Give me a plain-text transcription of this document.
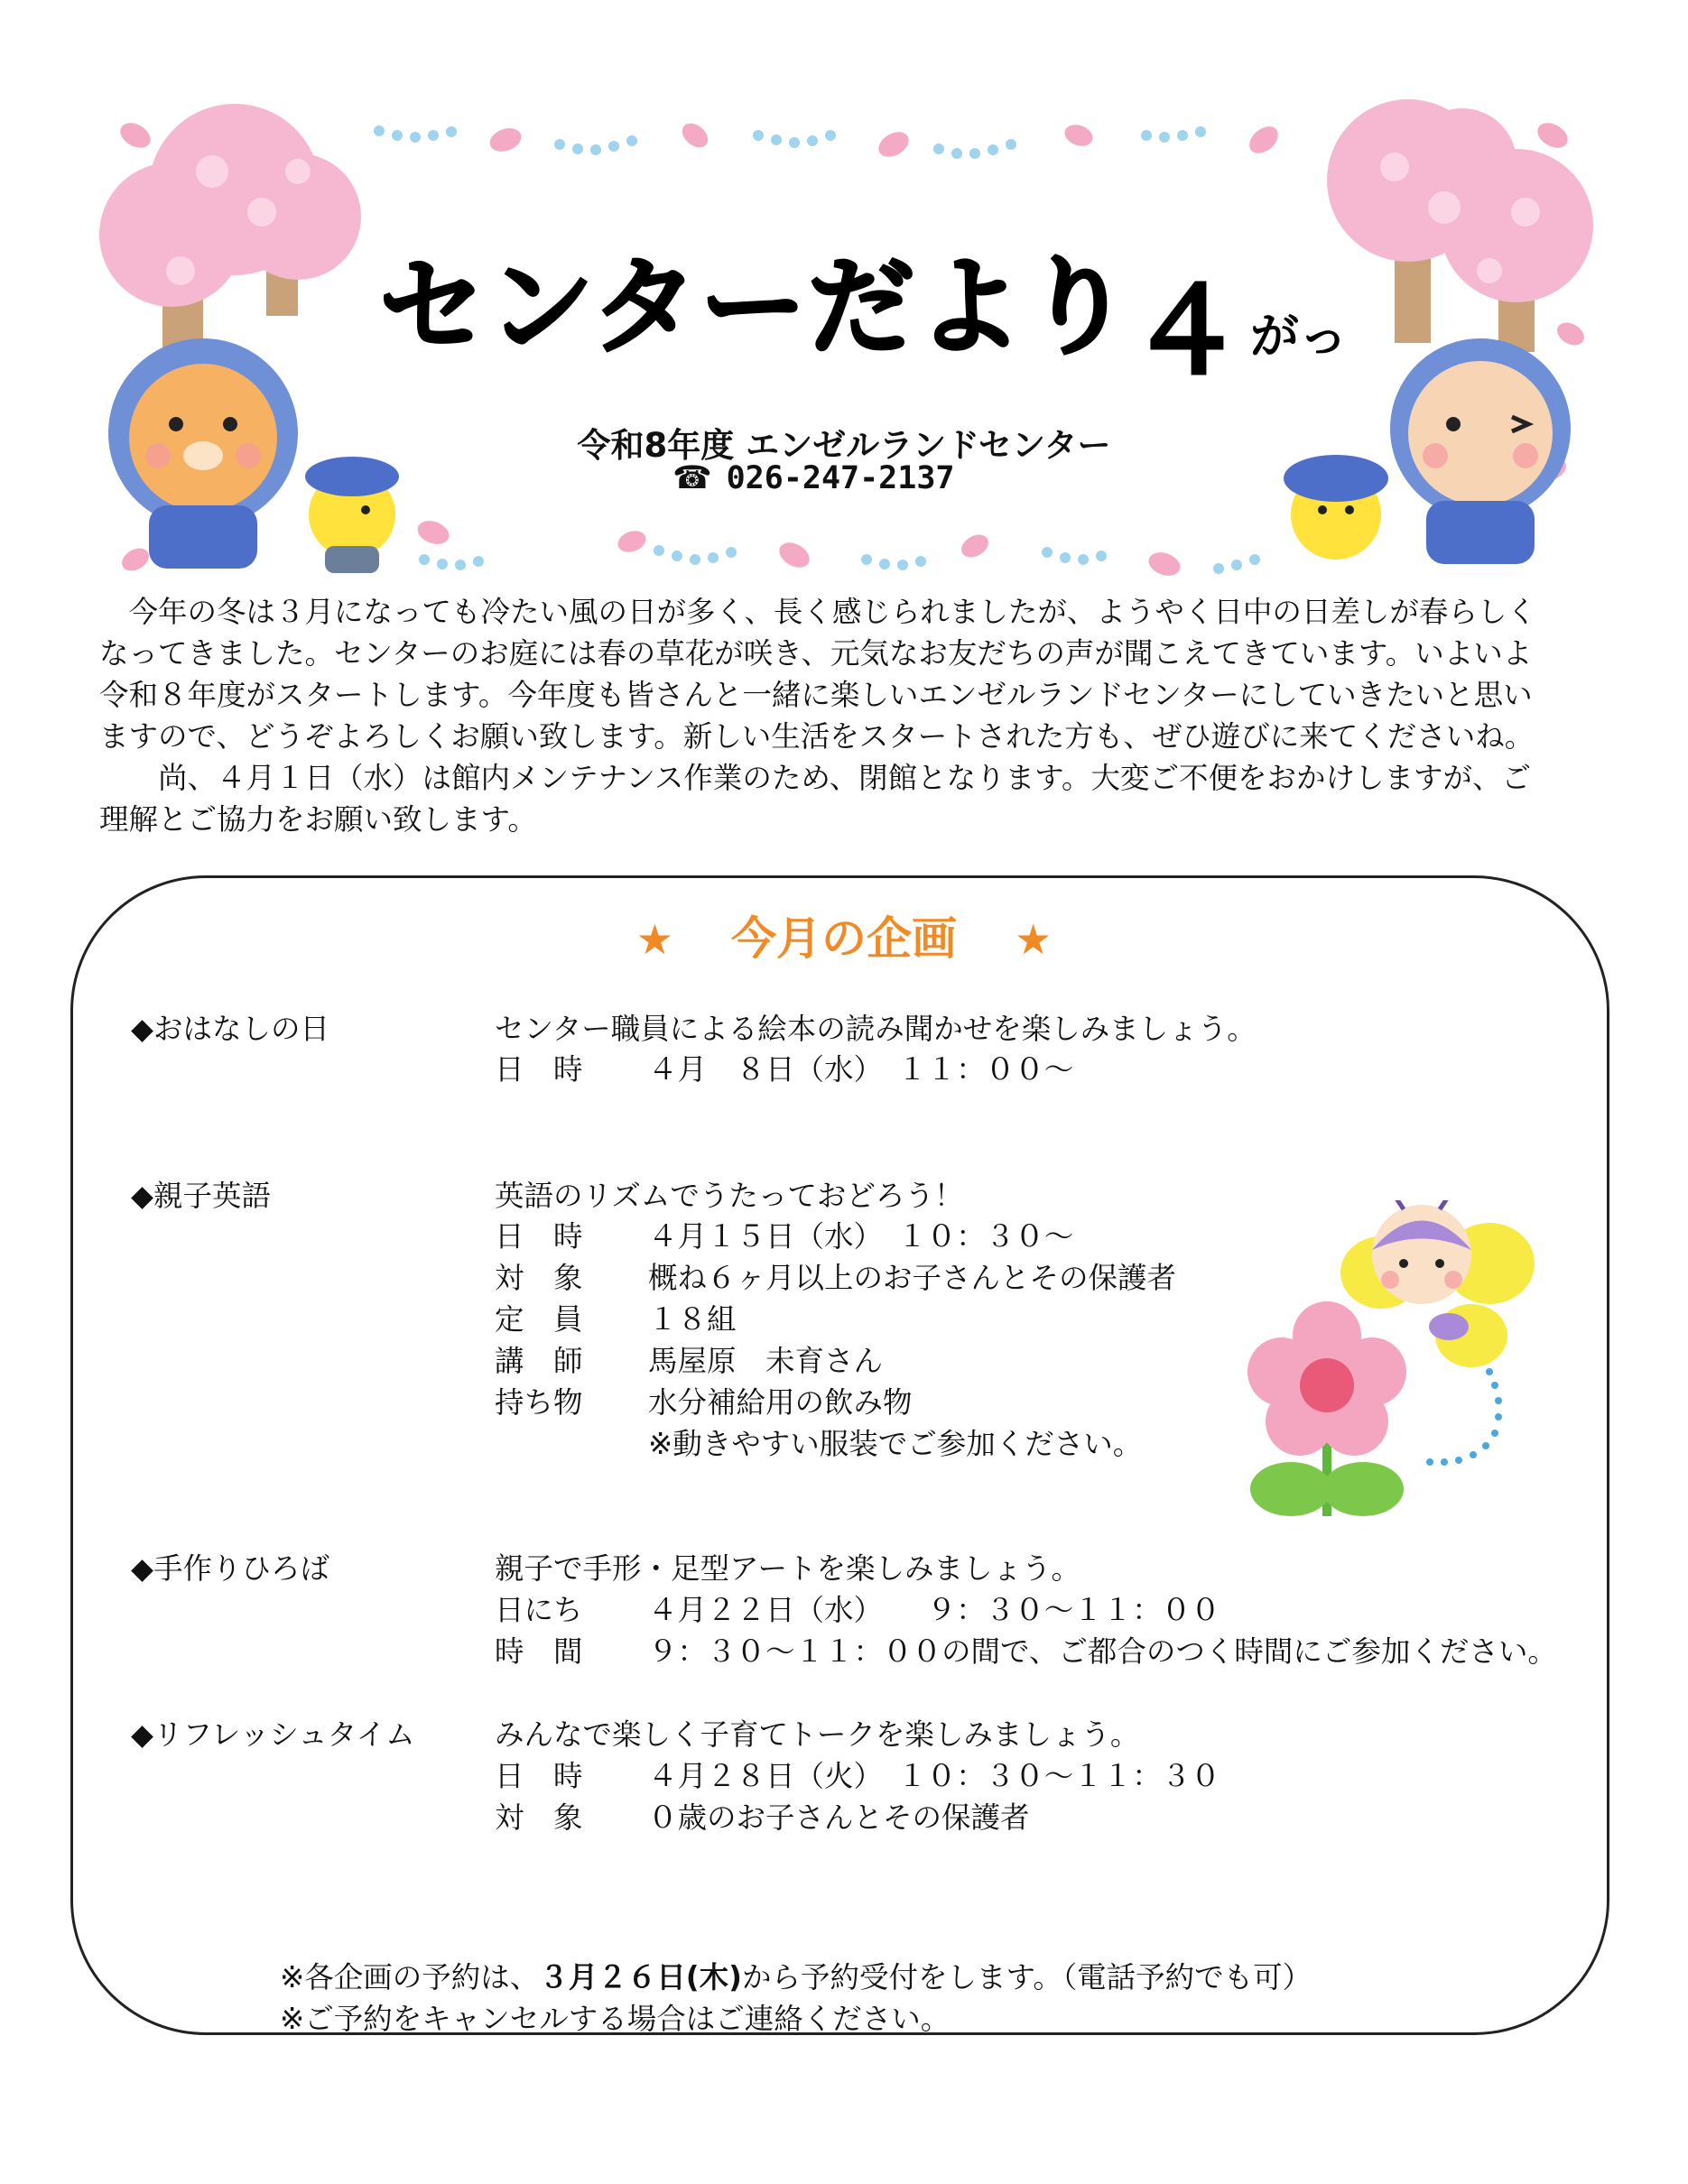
センターだより
４ がっ
令和8年度 エンゼルランドセンター
☎ 026-247-2137

　今年の冬は３月になっても冷たい風の日が多く、長く感じられましたが、ようやく日中の日差しが春らしく

なってきました。センターのお庭には春の草花が咲き、元気なお友だちの声が聞こえてきています。いよいよ

令和８年度がスタートします。今年度も皆さんと一緒に楽しいエンゼルランドセンターにしていきたいと思い

ますので、どうぞよろしくお願い致します。新しい生活をスタートされた方も、ぜひ遊びに来てくださいね。

　　尚、４月１日（水）は館内メンテナンス作業のため、閉館となります。大変ご不便をおかけしますが、ご

理解とご協力をお願い致します。

★ 今月の企画 ★
◆おはなしの日	センター職員による絵本の読み聞かせを楽しみましょう。
日　時 ４月　８日（水）　１１：００～
◆親子英語	英語のリズムでうたっておどろう！
日　時 ４月１５日（水）　１０：３０～
対　象 概ね６ヶ月以上のお子さんとその保護者
定　員 １８組
講　師 馬屋原　未育さん
持ち物 水分補給用の飲み物
※動きやすい服装でご参加ください。
◆手作りひろば	親子で手形・足型アートを楽しみましょう。
日にち ４月２２日（水）　　９：３０～１１：００
時　間 ９：３０～１１：００の間で、ご都合のつく時間にご参加ください。
◆リフレッシュタイム	みんなで楽しく子育てトークを楽しみましょう。
日　時 ４月２８日（火）　１０：３０～１１：３０
対　象 ０歳のお子さんとその保護者
※各企画の予約は、３月２６日(木)から予約受付をします。（電話予約でも可）
※ご予約をキャンセルする場合はご連絡ください。
